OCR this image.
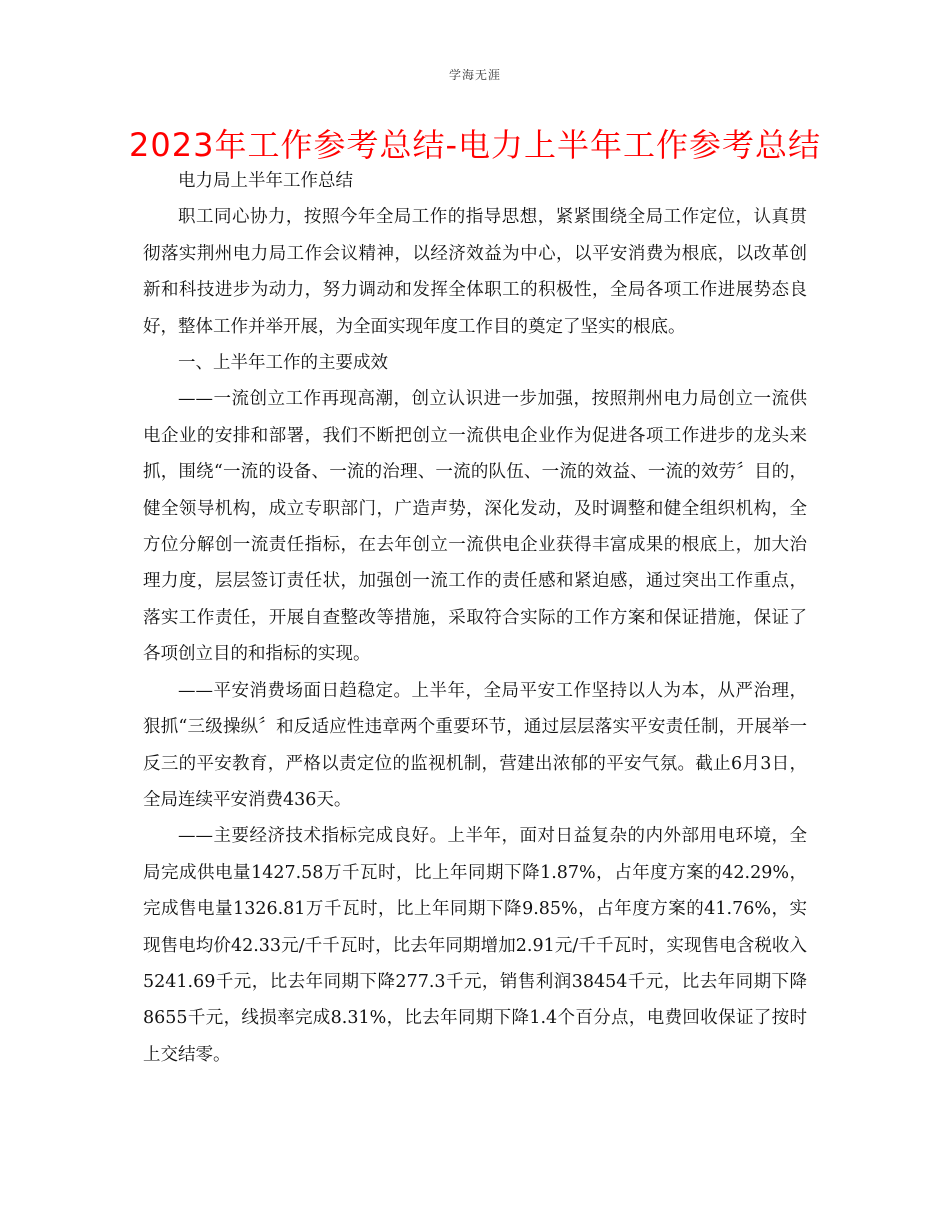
学海无涯
2023年工作参考总结-电力上半年工作参考总结

电力局上半年工作总结

职工同心协力，按照今年全局工作的指导思想，紧紧围绕全局工作定位，认真贯彻落实荆州电力局工作会议精神，以经济效益为中心，以平安消费为根底，以改革创新和科技进步为动力，努力调动和发挥全体职工的积极性，全局各项工作进展势态良好，整体工作并举开展，为全面实现年度工作目的奠定了坚实的根底。

一、上半年工作的主要成效

——一流创立工作再现高潮，创立认识进一步加强，按照荆州电力局创立一流供电企业的安排和部署，我们不断把创立一流供电企业作为促进各项工作进步的龙头来抓，围绕“一流的设备、一流的治理、一流的队伍、一流的效益、一流的效劳〞目的，健全领导机构，成立专职部门，广造声势，深化发动，及时调整和健全组织机构，全方位分解创一流责任指标，在去年创立一流供电企业获得丰富成果的根底上，加大治理力度，层层签订责任状，加强创一流工作的责任感和紧迫感，通过突出工作重点，落实工作责任，开展自查整改等措施，采取符合实际的工作方案和保证措施，保证了各项创立目的和指标的实现。

——平安消费场面日趋稳定。上半年，全局平安工作坚持以人为本，从严治理，狠抓“三级操纵〞和反适应性违章两个重要环节，通过层层落实平安责任制，开展举一反三的平安教育，严格以责定位的监视机制，营建出浓郁的平安气氛。截止6月3日，全局连续平安消费436天。

——主要经济技术指标完成良好。上半年，面对日益复杂的内外部用电环境，全局完成供电量1427.58万千瓦时，比上年同期下降1.87%，占年度方案的42.29%，完成售电量1326.81万千瓦时，比上年同期下降9.85%，占年度方案的41.76%，实现售电均价42.33元/千千瓦时，比去年同期增加2.91元/千千瓦时，实现售电含税收入5241.69千元，比去年同期下降277.3千元，销售利润38454千元，比去年同期下降8655千元，线损率完成8.31%，比去年同期下降1.4个百分点，电费回收保证了按时上交结零。
